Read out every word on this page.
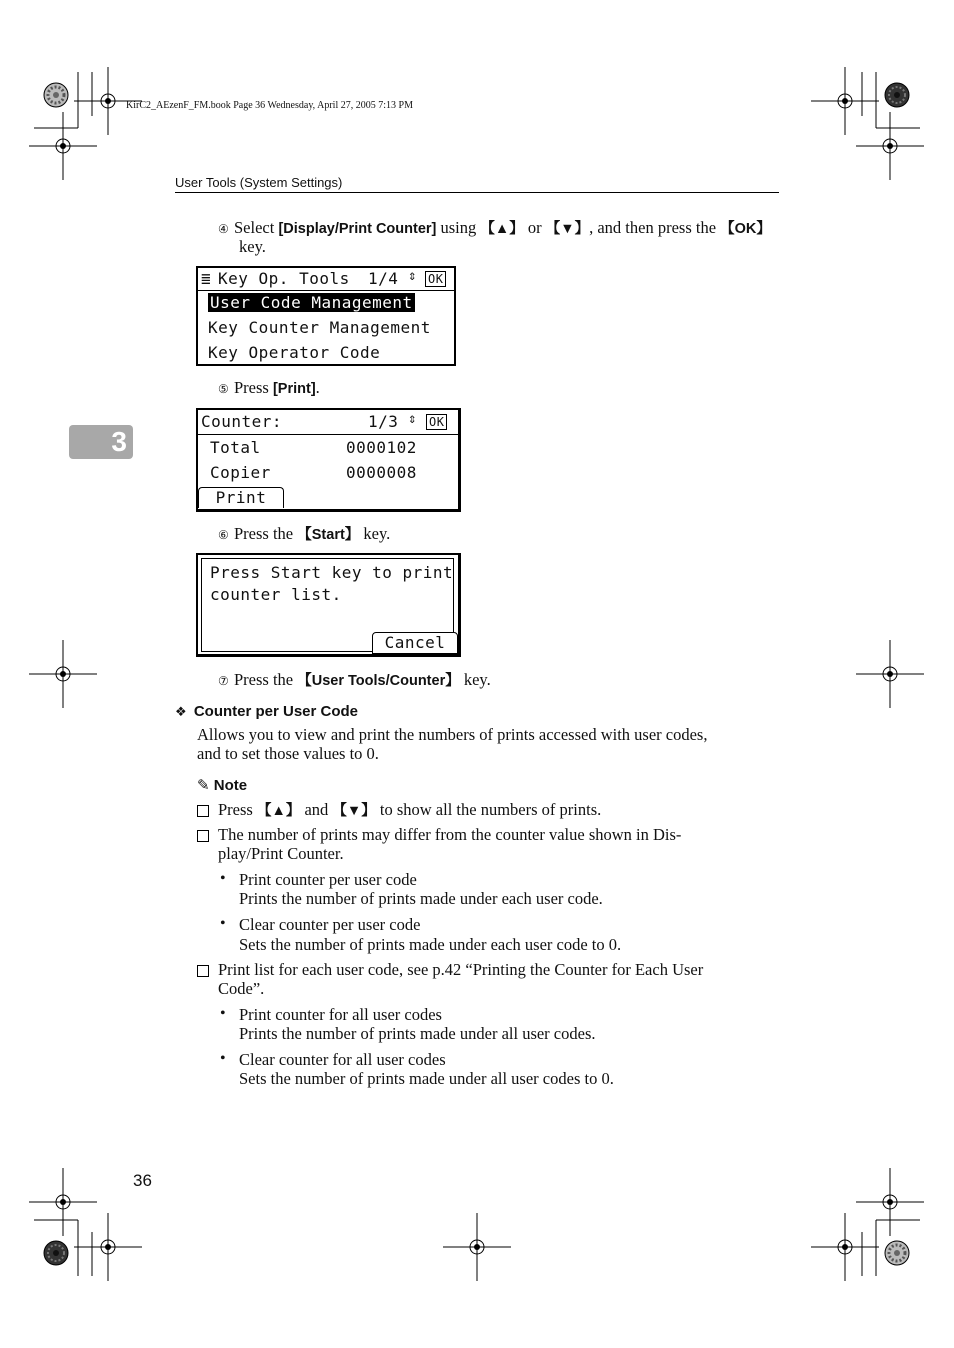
KirC2_AEzenF_FM.book Page 36 Wednesday, April 27, 2005 7:13 PM
User Tools (System Settings)
3
④ Select [Display/Print Counter] using 【▲】 or 【▼】, and then press the 【OK】
key.

≣

Key Op. Tools

1/4

⇕

OK

User Code Management
Key Counter Management
Key Operator Code
⑤ Press [Print].

Counter:

	1/3

⇕

OK

Total	0000102
Copier	0000008
Print
⑥ Press the 【Start】 key.
Press Start key to print
counter list.
Cancel
⑦ Press the 【User Tools/Counter】 key.
❖ Counter per User Code
Allows you to view and print the numbers of prints accessed with user codes,
and to set those values to 0.
✎ Note
Press 【▲】 and 【▼】 to show all the numbers of prints.
The number of prints may differ from the counter value shown in Dis-
play/Print Counter.
• Print counter per user code
Prints the number of prints made under each user code.
• Clear counter per user code
Sets the number of prints made under each user code to 0.
Print list for each user code, see p.42 “Printing the Counter for Each User
Code”.
• Print counter for all user codes
Prints the number of prints made under all user codes.
• Clear counter for all user codes
Sets the number of prints made under all user codes to 0.
36
